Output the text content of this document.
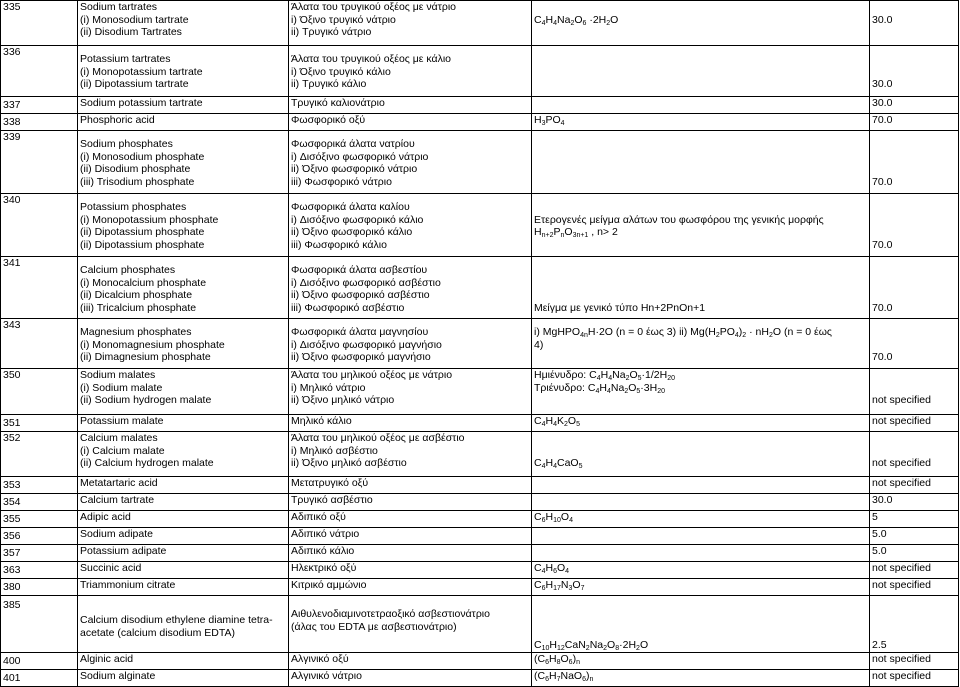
335	Sodium tartrates
(i) Monosodium tartrate
(ii) Disodium Tartrates	Άλατα του τρυγικού οξέος με νάτριο
i) Όξινο τρυγικό νάτριο
ii) Τρυγικό νάτριο	$C_4H_4Na_2O_6 \cdot 2H_2O$	30.0

336	Potassium tartrates
(i) Monopotassium tartrate
(ii) Dipotassium tartrate	Άλατα του τρυγικού οξέος με κάλιο
i) Όξινο τρυγικό κάλιο
ii) Τρυγικό κάλιο		30.0

337	Sodium potassium tartrate	Τρυγικό καλιονάτριο		30.0

338	Phosphoric acid	Φωσφορικό οξύ	$H_3PO_4$	70.0

339	Sodium phosphates
(i) Monosodium phosphate
(ii) Disodium phosphate
(iii) Trisodium phosphate	Φωσφορικά άλατα νατρίου
i) Δισόξινο φωσφορικό νάτριο
ii) Όξινο φωσφορικό νάτριο
iii) Φωσφορικό νάτριο		70.0

340	Potassium phosphates
(i) Monopotassium phosphate
(ii) Dipotassium phosphate
(ii) Dipotassium phosphate	Φωσφορικά άλατα καλίου
i) Δισόξινο φωσφορικό κάλιο
ii) Όξινο φωσφορικό κάλιο
iii) Φωσφορικό κάλιο	Ετερογενές μείγμα αλάτων του φωσφόρου της γενικής μορφής
$H_{n+2}P_nO_{3n+1}$ , n> 2	70.0

341	Calcium phosphates
(i) Monocalcium phosphate
(ii) Dicalcium phosphate
(iii) Tricalcium phosphate	Φωσφορικά άλατα ασβεστίου
i) Δισόξινο φωσφορικό ασβέστιο
ii) Όξινο φωσφορικό ασβέστιο
iii) Φωσφορικό ασβέστιο	Μείγμα με γενικό τύπο Hn+2PnOn+1	70.0

343	Magnesium phosphates
(i) Monomagnesium phosphate
(ii) Dimagnesium phosphate	Φωσφορικά άλατα μαγνησίου
i) Δισόξινο φωσφορικό μαγνήσιο
ii) Όξινο φωσφορικό μαγνήσιο	i) MgHPO$_{4n}$H·2O (n = 0 έως 3) ii) $Mg(H_2PO_4)_2 \cdot nH_2O$ (n = 0 έως
4)	70.0

350	Sodium malates
(i) Sodium malate
(ii) Sodium hydrogen malate	Άλατα του μηλικού οξέος με νάτριο
i) Μηλικό νάτριο
ii) Όξινο μηλικό νάτριο	Ημιένυδρο: $C_4H_4Na_2O_5\cdot 1/2H_{20}$
Τριένυδρο: $C_4H_4Na_2O_5\cdot 3H_{20}$	not specified

351	Potassium malate	Μηλικό κάλιο	$C_4H_4K_2O_5$	not specified

352	Calcium malates
(i) Calcium malate
(ii) Calcium hydrogen malate	Άλατα του μηλικού οξέος με ασβέστιο
i) Μηλικό ασβέστιο
ii) Όξινο μηλικό ασβέστιο	$C_4H_4CaO_5$	not specified

353	Metatartaric acid	Μετατρυγικό οξύ		not specified

354	Calcium tartrate	Τρυγικό ασβέστιο		30.0

355	Adipic acid	Αδιπικό οξύ	$C_6H_{10}O_4$	5

356	Sodium adipate	Αδιπικό νάτριο		5.0

357	Potassium adipate	Αδιπικό κάλιο		5.0

363	Succinic acid	Ηλεκτρικό οξύ	$C_4H_6O_4$	not specified

380	Triammonium citrate	Κιτρικό αμμώνιο	$C_6H_{17}N_3O_7$	not specified

385	Calcium disodium ethylene diamine tetra-
acetate (calcium disodium EDTA)	Αιθυλενοδιαμινοτετραοξικό ασβεστιονάτριο
(άλας του EDTA με ασβεστιονάτριο)	$C_{10}H_{12}CaN_2Na_2O_8\cdot 2H_2O$	2.5

400	Alginic acid	Αλγινικό οξύ	$(C_6H_8O_6)_n$	not specified

401	Sodium alginate	Αλγινικό νάτριο	$(C_6H_7NaO_6)_n$	not specified
